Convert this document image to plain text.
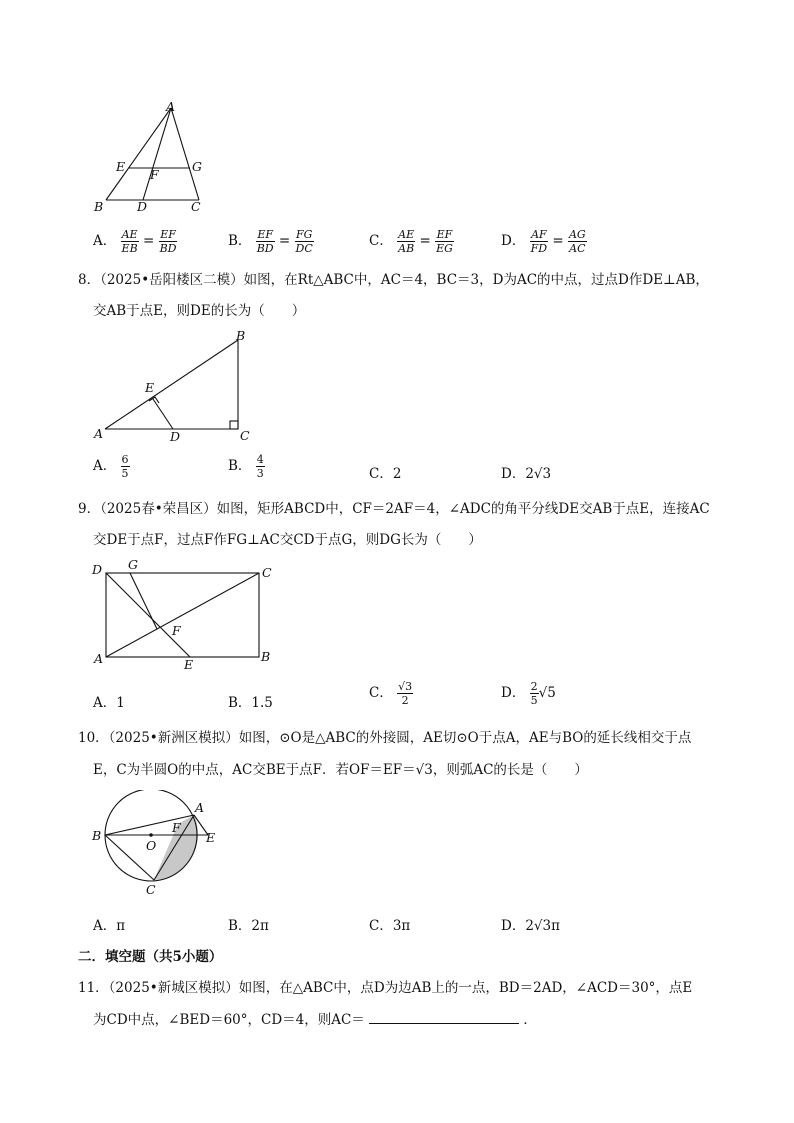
A
E	G
F
B	D	C
A． $\frac{AE}{EB} = \frac{EF}{BD}$	B． $\frac{EF}{BD} = \frac{FG}{DC}$	C． $\frac{AE}{AB} = \frac{EF}{EG}$	D． $\frac{AF}{FD} = \frac{AG}{AC}$
8．（2025•岳阳楼区二模）如图，在Rt△ABC中，AC＝4，BC＝3，D为AC的中点，过点D作DE⊥AB，
交AB于点E，则DE的长为（　　）
B
E
A	D	C
A． $\frac{6}{5}$	B． $\frac{4}{3}$	C．2	D．2√3
9．（2025春•荣昌区）如图，矩形ABCD中，CF＝2AF＝4，∠ADC的角平分线DE交AB于点E，连接AC
交DE于点F，过点F作FG⊥AC交CD于点G，则DG长为（　　）
D G
C
F
A	E
B
A．1	B．1.5
C． $\frac{√3}{2}$	D． $\frac{2}{5} √5$
10．（2025•新洲区模拟）如图，⊙O是△ABC的外接圆，AE切⊙O于点A，AE与BO的延长线相交于点
E，C为半圆O的中点，AC交BE于点F．若OF＝EF＝√3，则弧AC的长是（　　）
A
B
O
F
E
C
A．π	B．2π	C．3π	D．2√3π
二．填空题（共5小题）
11．（2025•新城区模拟）如图，在△ABC中，点D为边AB上的一点，BD＝2AD，∠ACD＝30°，点E
为CD中点，∠BED＝60°，CD＝4，则AC＝	．
